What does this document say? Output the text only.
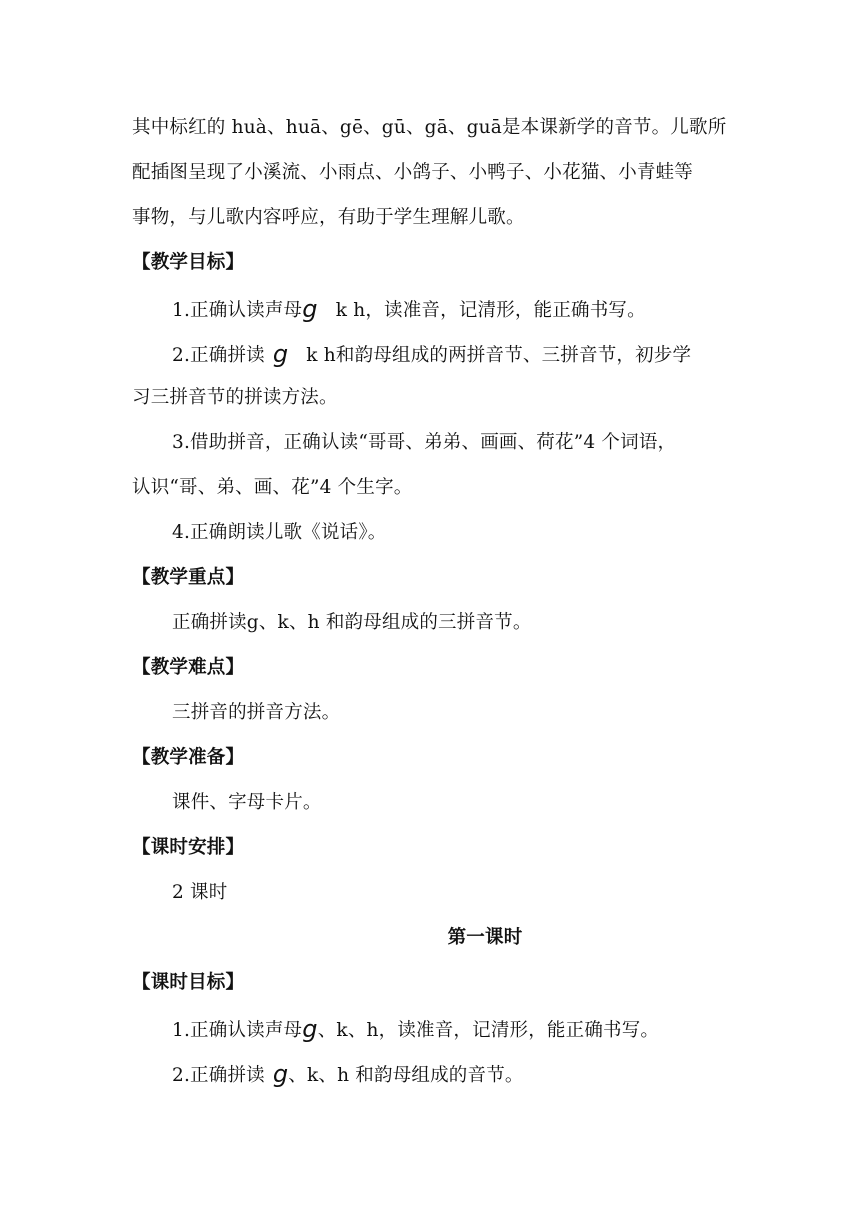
其中标红的 huà、huā、gē、gū、gā、guā是本课新学的音节。儿歌所
配插图呈现了小溪流、小雨点、小鸽子、小鸭子、小花猫、小青蛙等
事物，与儿歌内容呼应，有助于学生理解儿歌。
【教学目标】
1.正确认读声母g k h，读准音，记清形，能正确书写。
2.正确拼读 g k h和韵母组成的两拼音节、三拼音节，初步学
习三拼音节的拼读方法。
3.借助拼音，正确认读“哥哥、弟弟、画画、荷花”4 个词语，
认识“哥、弟、画、花”4 个生字。
4.正确朗读儿歌《说话》。
【教学重点】
正确拼读g、k、h 和韵母组成的三拼音节。
【教学难点】
三拼音的拼音方法。
【教学准备】
课件、字母卡片。
【课时安排】
2 课时
第一课时
【课时目标】
1.正确认读声母g、k、h，读准音，记清形，能正确书写。
2.正确拼读 g、k、h 和韵母组成的音节。
